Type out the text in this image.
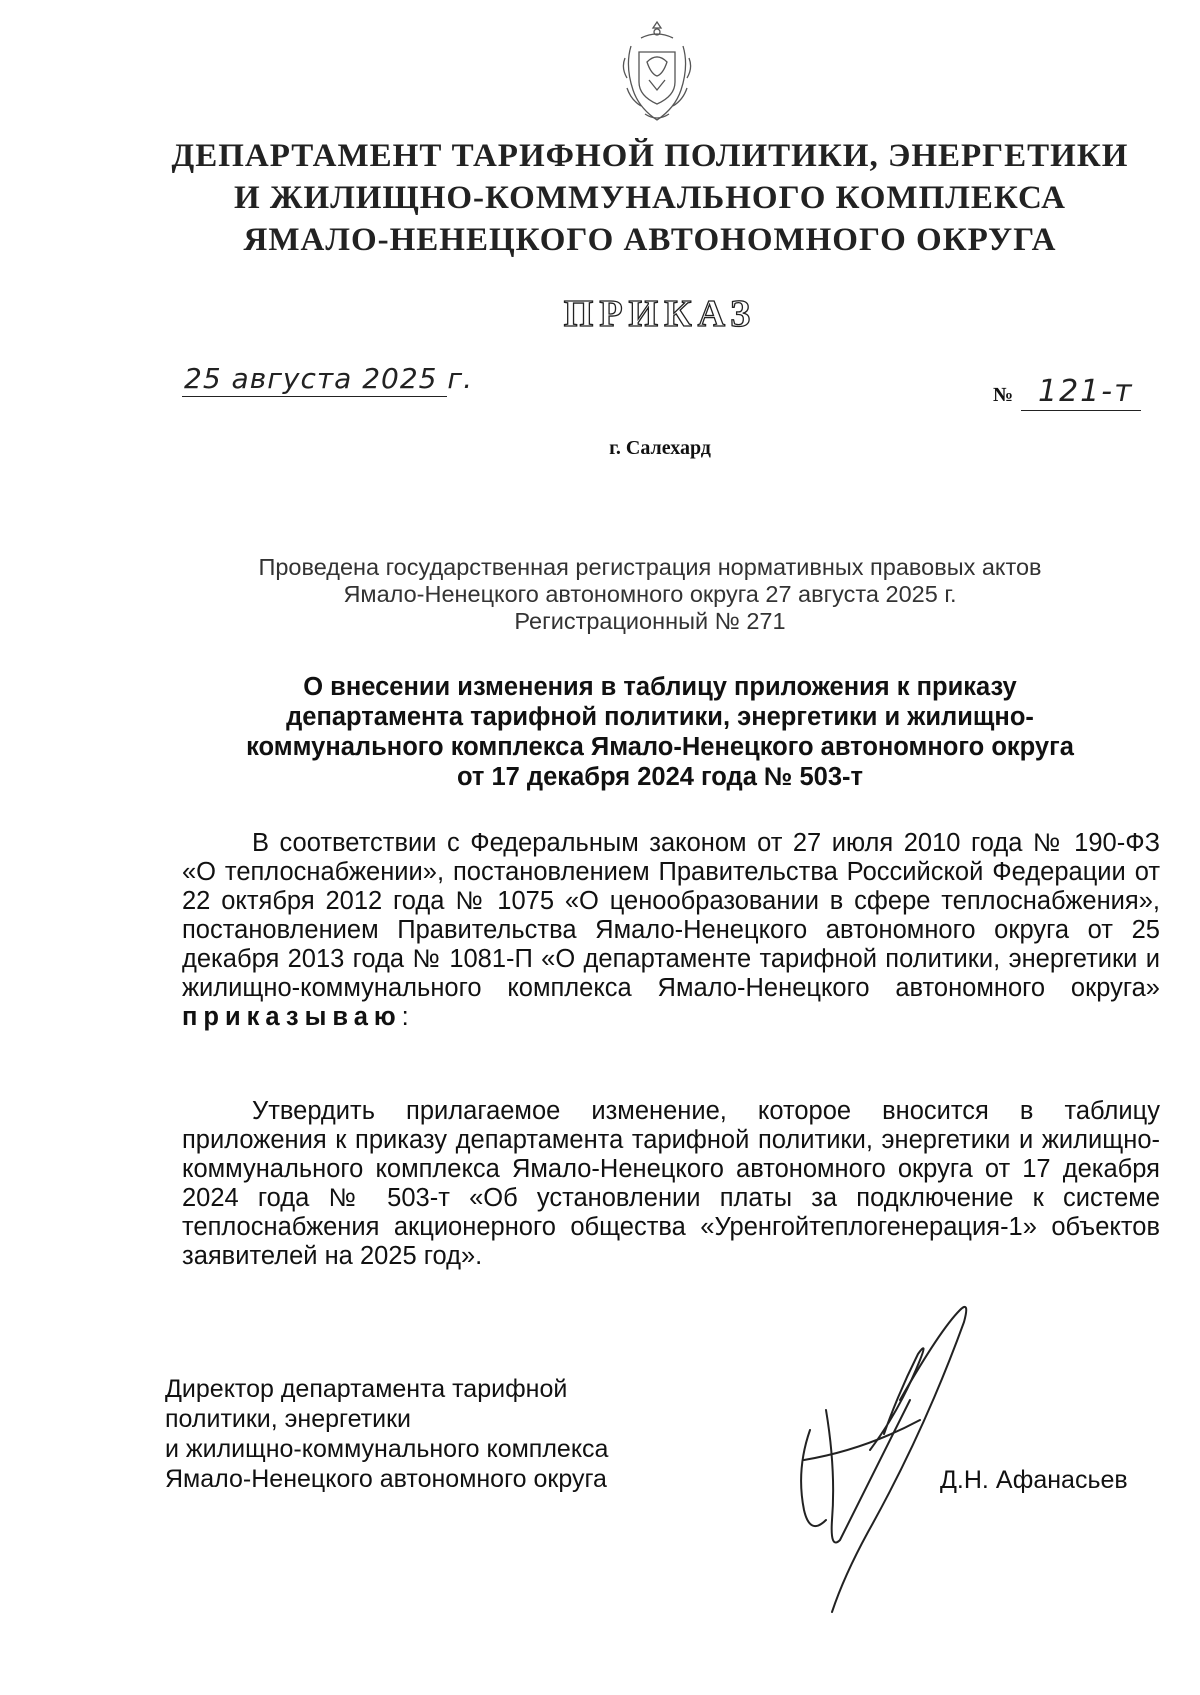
ДЕПАРТАМЕНТ ТАРИФНОЙ ПОЛИТИКИ, ЭНЕРГЕТИКИ
И ЖИЛИЩНО-КОММУНАЛЬНОГО КОМПЛЕКСА
ЯМАЛО-НЕНЕЦКОГО АВТОНОМНОГО ОКРУГА
ПРИКАЗ
25 августа 2025 г.	№ 121-т
г. Салехард
Проведена государственная регистрация нормативных правовых актов
Ямало-Ненецкого автономного округа 27 августа 2025 г.
Регистрационный № 271
О внесении изменения в таблицу приложения к приказу
департамента тарифной политики, энергетики и жилищно-
коммунального комплекса Ямало-Ненецкого автономного округа
от 17 декабря 2024 года № 503-т
В соответствии с Федеральным законом от 27 июля 2010 года № 190-ФЗ «О теплоснабжении», постановлением Правительства Российской Федерации от 22 октября 2012 года № 1075 «О ценообразовании в сфере теплоснабжения», постановлением Правительства Ямало-Ненецкого автономного округа от 25 декабря 2013 года № 1081-П «О департаменте тарифной политики, энергетики и жилищно-коммунального комплекса Ямало-Ненецкого автономного округа» приказываю:
Утвердить прилагаемое изменение, которое вносится в таблицу приложения к приказу департамента тарифной политики, энергетики и жилищно-коммунального комплекса Ямало-Ненецкого автономного округа от 17 декабря 2024 года № 503-т «Об установлении платы за подключение к системе теплоснабжения акционерного общества «Уренгойтеплогенерация-1» объектов заявителей на 2025 год».
Директор департамента тарифной
политики, энергетики
и жилищно-коммунального комплекса
Ямало-Ненецкого автономного округа	Д.Н. Афанасьев
